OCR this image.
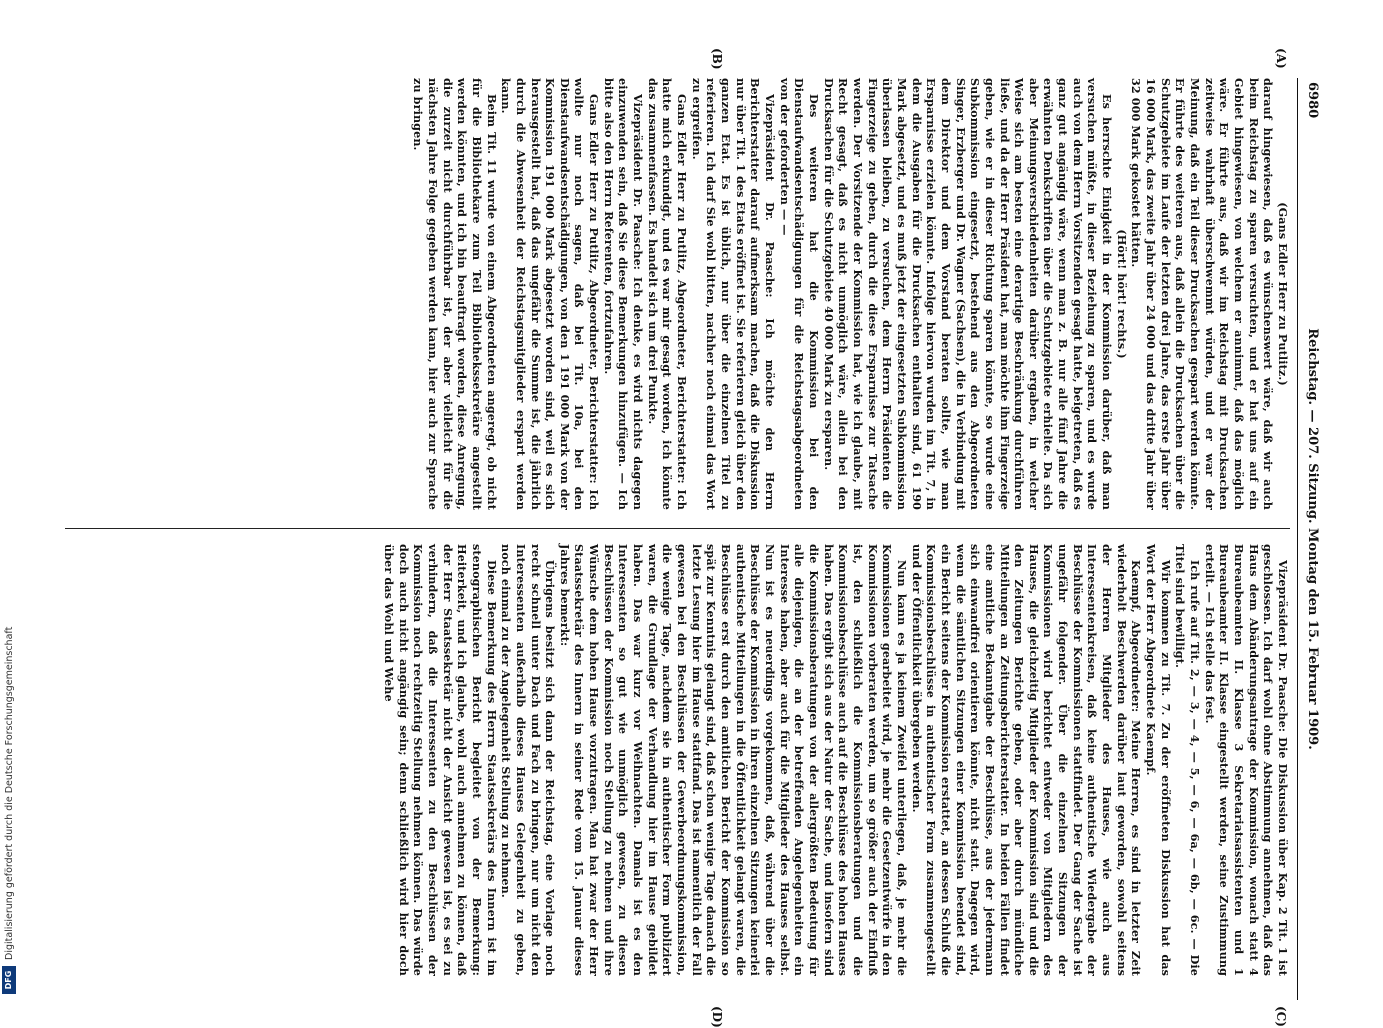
6980
Reichstag. — 207. Sitzung. Montag den 15. Februar 1909.

(Gans Edler Herr zu Putlitz.)

darauf hingewiesen, daß es wünschenswert wäre, daß wir auch beim Reichstag zu sparen versuchten, und er hat uns auf ein Gebiet hingewiesen, von welchem er annimmt, daß das möglich wäre. Er führte aus, daß wir im Reichstag mit Drucksachen zeitweise wahrhaft überschwemmt würden, und er war der Meinung, daß ein Teil dieser Drucksachen gespart werden könnte. Er führte des weiteren aus, daß allein die Drucksachen über die Schutzgebiete im Laufe der letzten drei Jahre, das erste Jahr über 16 000 Mark, das zweite Jahr über 24 000 und das dritte Jahr über 32 000 Mark gekostet hätten.

(Hört! hört! rechts.)

Es herrschte Einigkeit in der Kommission darüber, daß man versuchen müßte, in dieser Beziehung zu sparen, und es wurde auch von dem Herrn Vorsitzenden gesagt hatte, beigetreten, daß es ganz gut angängig wäre, wenn man z. B. nur alle fünf Jahre die erwähnten Denkschriften über die Schutzgebiete erhielte. Da sich aber Meinungsverschiedenheiten darüber ergaben, in welcher Weise sich am besten eine derartige Beschränkung durchführen ließe, und da der Herr Präsident hat, man möchte ihm Fingerzeige geben, wie er in dieser Richtung sparen könnte, so wurde eine Subkommission eingesetzt, bestehend aus den Abgeordneten Singer, Erzberger und Dr. Wagner (Sachsen), die in Verbindung mit dem Direktor und dem Vorstand beraten sollte, wie man Ersparnisse erzielen könnte. Infolge hiervon wurden im Tit. 7, in dem die Ausgaben für die Drucksachen enthalten sind, 61 190 Mark abgesetzt, und es muß jetzt der eingesetzten Subkommission überlassen bleiben, zu versuchen, dem Herrn Präsidenten die Fingerzeige zu geben, durch die diese Ersparnisse zur Tatsache werden. Der Vorsitzende der Kommission hat, wie ich glaube, mit Recht gesagt, daß es nicht unmöglich wäre, allein bei den Drucksachen für die Schutzgebiete 40 000 Mark zu ersparen.

Des weiteren hat die Kommission bei den Dienstaufwandsentschädigungen für die Reichstagsabgeordneten von der geforderten — —

Vizepräsident Dr. Paasche: Ich möchte den Herrn Berichterstatter darauf aufmerksam machen, daß die Diskussion nur über Tit. 1 des Etats eröffnet ist. Sie referieren gleich über den ganzen Etat. Es ist üblich, nur über die einzelnen Titel zu referieren. Ich darf Sie wohl bitten, nachher noch einmal das Wort zu ergreifen.

Gans Edler Herr zu Putlitz, Abgeordneter, Berichterstatter: Ich hatte mich erkundigt, und es war mir gesagt worden, ich könnte das zusammenfassen. Es handelt sich um drei Punkte.

Vizepräsident Dr. Paasche: Ich denke, es wird nichts dagegen einzuwenden sein, daß Sie diese Bemerkungen hinzufügen. — Ich bitte also den Herrn Referenten, fortzufahren.

Gans Edler Herr zu Putlitz, Abgeordneter, Berichterstatter: Ich wollte nur noch sagen, daß bei Tit. 10a, bei den Dienstaufwandsentschädigungen, von den 1 191 000 Mark von der Kommission 191 000 Mark abgesetzt worden sind, weil es sich herausgestellt hat, daß das ungefähr die Summe ist, die jährlich durch die Abwesenheit der Reichstagsmitglieder erspart werden kann.

Beim Tit. 11 wurde von einem Abgeordneten angeregt, ob nicht für die Bibliothekare zum Teil Bibliothekssekretäre angestellt werden könnten, und ich bin beauftragt worden, diese Anregung, die zurzeit nicht durchführbar ist, der aber vielleicht für die nächsten Jahre Folge gegeben werden kann, hier auch zur Sprache zu bringen.

Vizepräsident Dr. Paasche: Die Diskussion über Kap. 2 Tit. 1 ist geschlossen. Ich darf wohl ohne Abstimmung annehmen, daß das Haus dem Abänderungsantrage der Kommission, wonach statt 4 Bureaubeamten II. Klasse 3 Sekretariatsassistenten und 1 Bureaubeamter II. Klasse eingestellt werden, seine Zustimmung erteilt. — Ich stelle das fest.

Ich rufe auf Tit. 2, — 3, — 4, — 5, — 6, — 6a, — 6b, — 6c. — Die Titel sind bewilligt.

Wir kommen zu Tit. 7. Zu der eröffneten Diskussion hat das Wort der Herr Abgeordnete Kaempf.

Kaempf, Abgeordneter: Meine Herren, es sind in letzter Zeit wiederholt Beschwerden darüber laut geworden, sowohl seitens der Herren Mitglieder des Hauses, wie auch aus Interessentenkreisen, daß keine authentische Wiedergabe der Beschlüsse der Kommissionen stattfindet. Der Gang der Sache ist ungefähr folgender. Über die einzelnen Sitzungen der Kommissionen wird berichtet entweder von Mitgliedern des Hauses, die gleichzeitig Mitglieder der Kommission sind und die den Zeitungen Berichte geben, oder aber durch mündliche Mitteilungen an Zeitungsberichterstatter. In beiden Fällen findet eine amtliche Bekanntgabe der Beschlüsse, aus der jedermann sich einwandfrei orientieren könnte, nicht statt. Dagegen wird, wenn die sämtlichen Sitzungen einer Kommission beendet sind, ein Bericht seitens der Kommission erstattet, an dessen Schluß die Kommissionsbeschlüsse in authentischer Form zusammengestellt und der Öffentlichkeit übergeben werden.

Nun kann es ja keinem Zweifel unterliegen, daß, je mehr die Kommissionen gearbeitet wird, je mehr die Gesetzentwürfe in den Kommissionen vorberaten werden, um so größer auch der Einfluß ist, den schließlich die Kommissionsberatungen und die Kommissionsbeschlüsse auch auf die Beschlüsse des hohen Hauses haben. Das ergibt sich aus der Natur der Sache, und insofern sind die Kommissionsberatungen von der allergrößten Bedeutung für alle diejenigen, die an der betreffenden Angelegenheiten ein Interesse haben, aber auch für die Mitglieder des Hauses selbst. Nun ist es neuerdings vorgekommen, daß, während über die Beschlüsse der Kommission in ihren einzelnen Sitzungen keinerlei authentische Mitteilungen in die Öffentlichkeit gelangt waren, die Beschlüsse erst durch den amtlichen Bericht der Kommission so spät zur Kenntnis gelangt sind, daß schon wenige Tage danach die letzte Lesung hier im Hause stattfand. Das ist namentlich der Fall gewesen bei den Beschlüssen der Gewerbeordnungskommission, die wenige Tage, nachdem sie in authentischer Form publiziert waren, die Grundlage der Verhandlung hier im Hause gebildet haben. Das war kurz vor Weihnachten. Damals ist es den Interessenten so gut wie unmöglich gewesen, zu diesen Beschlüssen der Kommission noch Stellung zu nehmen und ihre Wünsche dem hohen Hause vorzutragen. Man hat zwar der Herr Staatssekretär des Innern in seiner Rede vom 15. Januar dieses Jahres bemerkt:

Übrigens besitzt sich dann der Reichstag, eine Vorlage noch recht schnell unter Dach und Fach zu bringen, nur um nicht den Interessenten außerhalb dieses Hauses Gelegenheit zu geben, noch einmal zu der Angelegenheit Stellung zu nehmen.

Diese Bemerkung des Herrn Staatssekretärs des Innern ist im stenographischen Bericht begleitet von der Bemerkung: Heiterkeit, und ich glaube, wohl auch annehmen zu können, daß der Herr Staatssekretär nicht der Ansicht gewesen ist, es sei zu verhindern, daß die Interessenten zu den Beschlüssen der Kommission noch rechtzeitig Stellung nehmen können. Das würde doch auch nicht angängig sein; denn schließlich wird hier doch über das Wohl und Wehe

(A)
(B)
(C)
(D)
DFG
Digitalisierung gefördert durch die Deutsche Forschungsgemeinschaft
